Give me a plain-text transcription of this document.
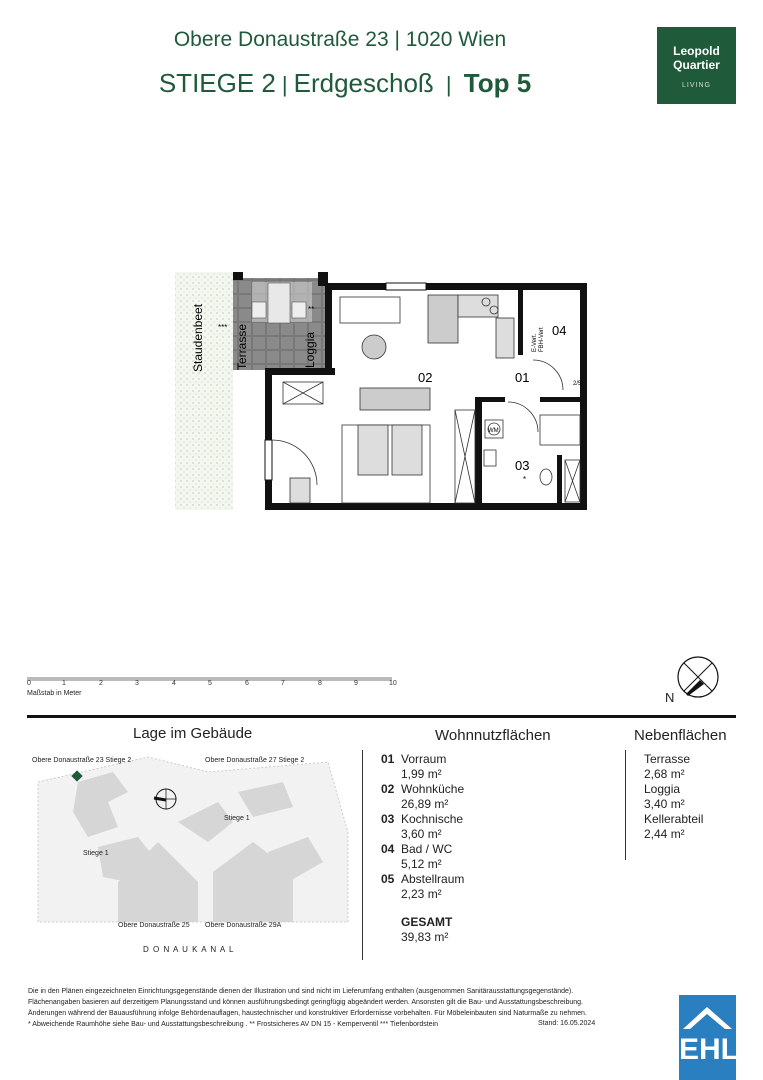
Obere Donaustraße 23 | 1020 Wien
STIEGE 2 | Erdgeschoß | Top 5
Leopold
Quartier
LIVING
Staudenbeet	Terrasse	Loggia
***
**
02	01
04
03
*
WM
E-Vert. FBH-Vert
2/5
0	1	2	3	4	5	6	7	8	9	10
Maßstab in Meter	N
Lage im Gebäude
Obere Donaustraße 23 Stiege 2	Obere Donaustraße 27 Stiege 2
Stiege 1
Stiege 1
Obere Donaustraße 25 Obere Donaustraße 29A
D O N A U K A N A L
Wohnnutzflächen
01 Vorraum
1,99 m²
02 Wohnküche
26,89 m²
03 Kochnische
3,60 m²
04 Bad / WC
5,12 m²
05 Abstellraum
2,23 m²
GESAMT
39,83 m²
Nebenflächen
Terrasse
2,68 m²
Loggia
3,40 m²
Kellerabteil
2,44 m²
Die in den Plänen eingezeichneten Einrichtungsgegenstände dienen der Illustration und sind nicht im Lieferumfang enthalten (ausgenommen Sanitärausstattungsgegenstände).
Flächenangaben basieren auf derzeitigem Planungsstand und können ausführungsbedingt geringfügig abgeändert werden. Ansonsten gilt die Bau- und Ausstattungsbeschreibung.
Änderungen während der Bauausführung infolge Behördenauflagen, haustechnischer und konstruktiver Erfordernisse vorbehalten. Für Möbeleinbauten sind Naturmaße zu nehmen.
* Abweichende Raumhöhe siehe Bau- und Ausstattungsbeschreibung . ** Frostsicheres AV DN 15 - Kemperventil *** Tiefenbordstein	Stand: 16.05.2024
EHL
